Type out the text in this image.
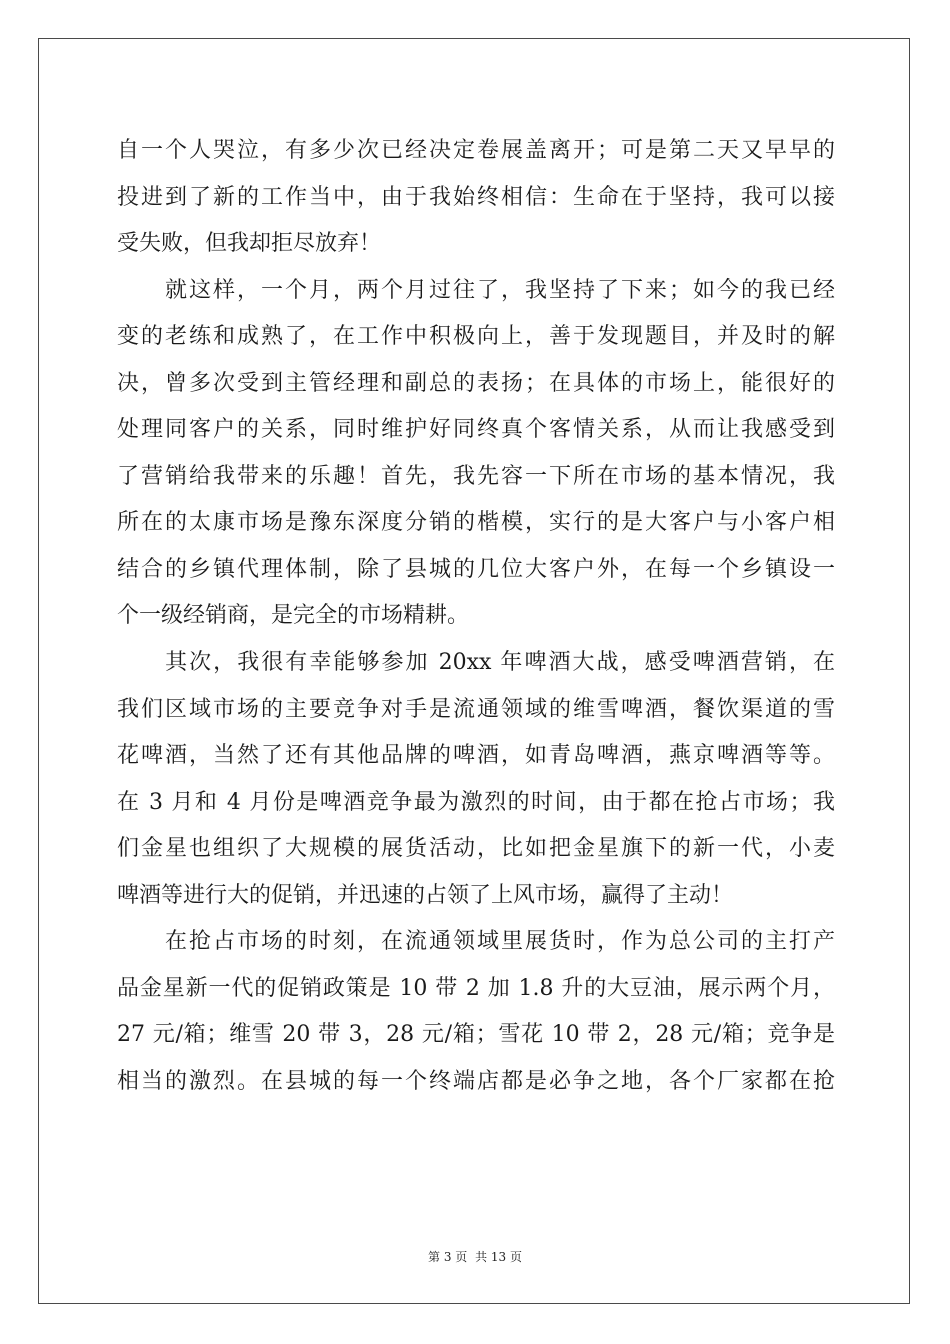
自一个人哭泣，有多少次已经决定卷展盖离开；可是第二天又早早的
投进到了新的工作当中，由于我始终相信：生命在于坚持，我可以接
受失败，但我却拒尽放弃！
　　就这样，一个月，两个月过往了，我坚持了下来；如今的我已经
变的老练和成熟了，在工作中积极向上，善于发现题目，并及时的解
决，曾多次受到主管经理和副总的表扬；在具体的市场上，能很好的
处理同客户的关系，同时维护好同终真个客情关系，从而让我感受到
了营销给我带来的乐趣！首先，我先容一下所在市场的基本情况，我
所在的太康市场是豫东深度分销的楷模，实行的是大客户与小客户相
结合的乡镇代理体制，除了县城的几位大客户外，在每一个乡镇设一
个一级经销商，是完全的市场精耕。
　　其次，我很有幸能够参加 20xx 年啤酒大战，感受啤酒营销，在
我们区域市场的主要竞争对手是流通领域的维雪啤酒，餐饮渠道的雪
花啤酒，当然了还有其他品牌的啤酒，如青岛啤酒，燕京啤酒等等。
在 3 月和 4 月份是啤酒竞争最为激烈的时间，由于都在抢占市场；我
们金星也组织了大规模的展货活动，比如把金星旗下的新一代，小麦
啤酒等进行大的促销，并迅速的占领了上风市场，赢得了主动！
　　在抢占市场的时刻，在流通领域里展货时，作为总公司的主打产
品金星新一代的促销政策是 10 带 2 加 1.8 升的大豆油，展示两个月，
27 元/箱；维雪 20 带 3，28 元/箱；雪花 10 带 2，28 元/箱；竞争是
相当的激烈。在县城的每一个终端店都是必争之地，各个厂家都在抢
第 3 页 共 13 页
